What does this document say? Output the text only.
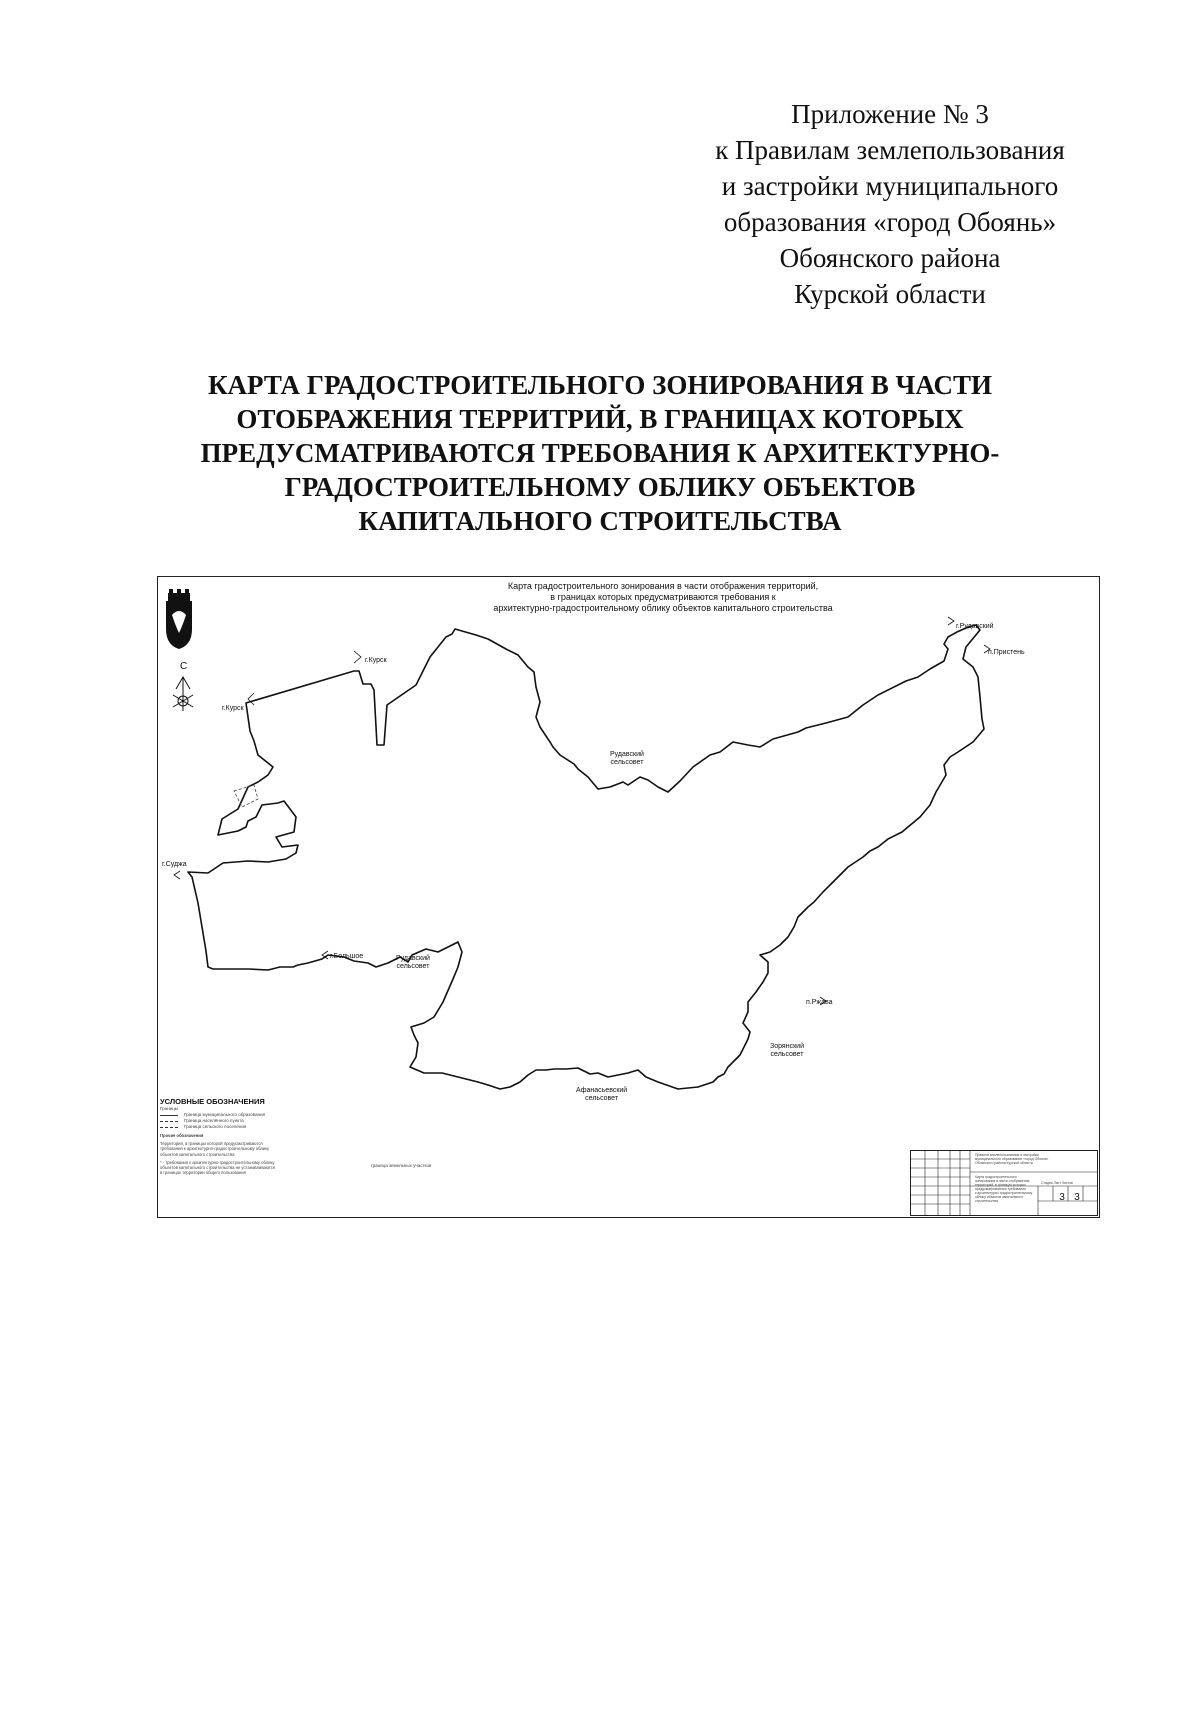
Приложение № 3
к Правилам землепользования
и застройки муниципального
образования «город Обоянь»
Обоянского района
Курской области
КАРТА ГРАДОСТРОИТЕЛЬНОГО ЗОНИРОВАНИЯ В ЧАСТИ
ОТОБРАЖЕНИЯ ТЕРРИТРИЙ, В ГРАНИЦАХ КОТОРЫХ
ПРЕДУСМАТРИВАЮТСЯ ТРЕБОВАНИЯ К АРХИТЕКТУРНО-
ГРАДОСТРОИТЕЛЬНОМУ ОБЛИКУ ОБЪЕКТОВ
КАПИТАЛЬНОГО СТРОИТЕЛЬСТВА
Карта градостроительного зонирования в части отображения территорий,
в границах которых предусматриваются требования к
архитектурно-градостроительному облику объектов капитального строительства
С
г.Курск
г.Курск
г.Рудавский
п.Пристень
Рудавский
сельсовет
г.Суджа
г.Большое	Рудавский
сельсовет
п.Ржава
Зорянский
сельсовет
Афанасьевский
сельсовет
УСЛОВНЫЕ ОБОЗНАЧЕНИЯ
Границы
Граница муниципального образования
Граница населённого пункта
Граница сельского поселения
Прочие обозначения
Территория, в границах которой предусматриваются
требования к архитектурно-градостроительному облику
объектов капитального строительства
* - требования к архитектурно-градостроительному облику
объектов капитального строительства не устанавливаются
в границах территории общего пользования
граница земельных участков
Правила землепользования и застройки
муниципального образования «город Обоянь»
Обоянского района Курской области
Карта градостроительного
зонирования в части отображения
территорий, в границах которых
предусматриваются требования
к архитектурно-градостроительному
облику объектов капитального
строительства
Стадия Лист Листов
3 3
